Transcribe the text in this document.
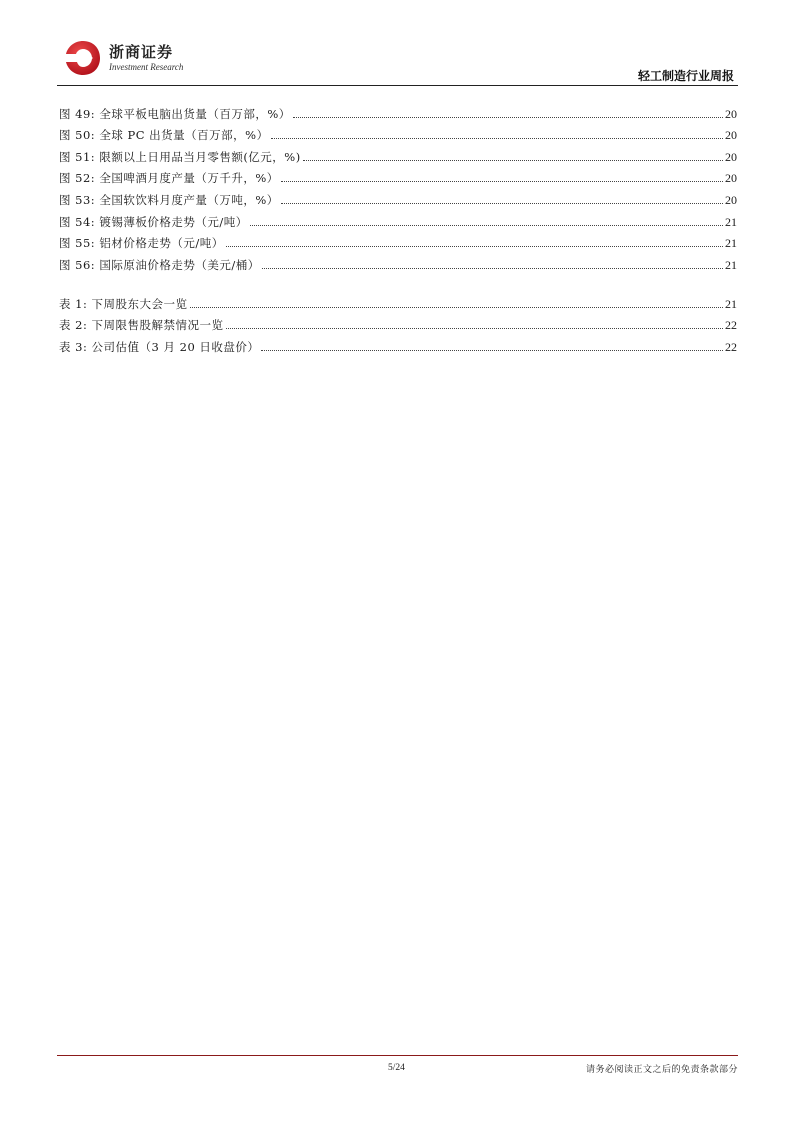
浙商证券
Investment Research
轻工制造行业周报
图 49: 全球平板电脑出货量（百万部，%）	20
图 50: 全球 PC 出货量（百万部，%）	20
图 51: 限额以上日用品当月零售额(亿元，%)	20
图 52: 全国啤酒月度产量（万千升，%）	20
图 53: 全国软饮料月度产量（万吨，%）	20
图 54: 镀锡薄板价格走势（元/吨）	21
图 55: 铝材价格走势（元/吨）	21
图 56: 国际原油价格走势（美元/桶）	21
表 1: 下周股东大会一览	21
表 2: 下周限售股解禁情况一览	22
表 3: 公司估值（3 月 20 日收盘价）	22
5/24	请务必阅读正文之后的免责条款部分
